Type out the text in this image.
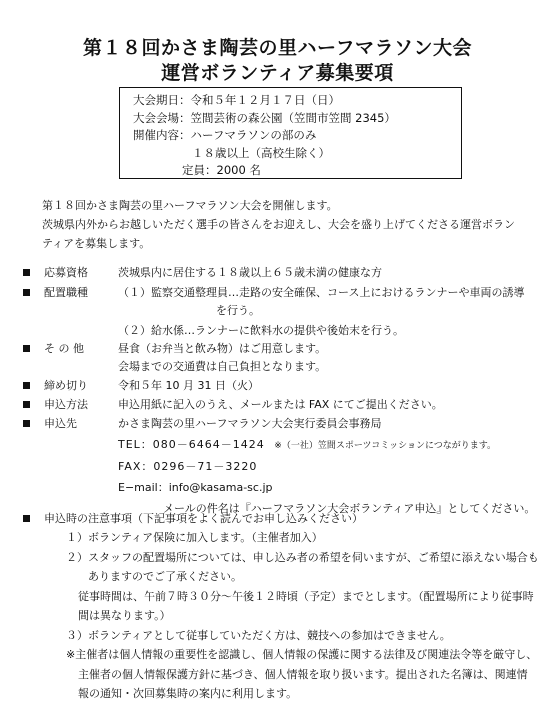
第１８回かさま陶芸の里ハーフマラソン大会
運営ボランティア募集要項
大会期日：令和５年１２月１７日（日）
大会会場：笠間芸術の森公園（笠間市笠間 2345）
開催内容：ハーフマラソンの部のみ
１８歳以上（高校生除く）
定員：2000 名

第１８回かさま陶芸の里ハーフマラソン大会を開催します。

茨城県内外からお越しいただく選手の皆さんをお迎えし、大会を盛り上げてくださる運営ボラン

ティアを募集します。

応募資格	茨城県内に居住する１８歳以上６５歳未満の健康な方
配置職種	（１）監察交通整理員…走路の安全確保、コース上におけるランナーや車両の誘導
を行う。
（２）給水係…ランナーに飲料水の提供や後始末を行う。
そ の 他	昼食（お弁当と飲み物）はご用意します。
会場までの交通費は自己負担となります。
締め切り	令和５年 10 月 31 日（火）
申込方法	申込用紙に記入のうえ、メールまたは FAX にてご提出ください。
申込先	かさま陶芸の里ハーフマラソン大会実行委員会事務局
TEL：080－6464－1424 ※（一社）笠間スポーツコミッションにつながります。
FAX：0296－71－3220
E−mail：info@kasama-sc.jp
メールの件名は『ハーフマラソン大会ボランティア申込』としてください。
申込時の注意事項（下記事項をよく読んでお申し込みください）
１）ボランティア保険に加入します。（主催者加入）
２）スタッフの配置場所については、申し込み者の希望を伺いますが、ご希望に添えない場合も
ありますのでご了承ください。
従事時間は、午前７時３０分～午後１２時頃（予定）までとします。（配置場所により従事時
間は異なります。）
３）ボランティアとして従事していただく方は、競技への参加はできません。
※主催者は個人情報の重要性を認識し、個人情報の保護に関する法律及び関連法令等を厳守し、
主催者の個人情報保護方針に基づき、個人情報を取り扱います。提出された名簿は、関連情
報の通知・次回募集時の案内に利用します。
